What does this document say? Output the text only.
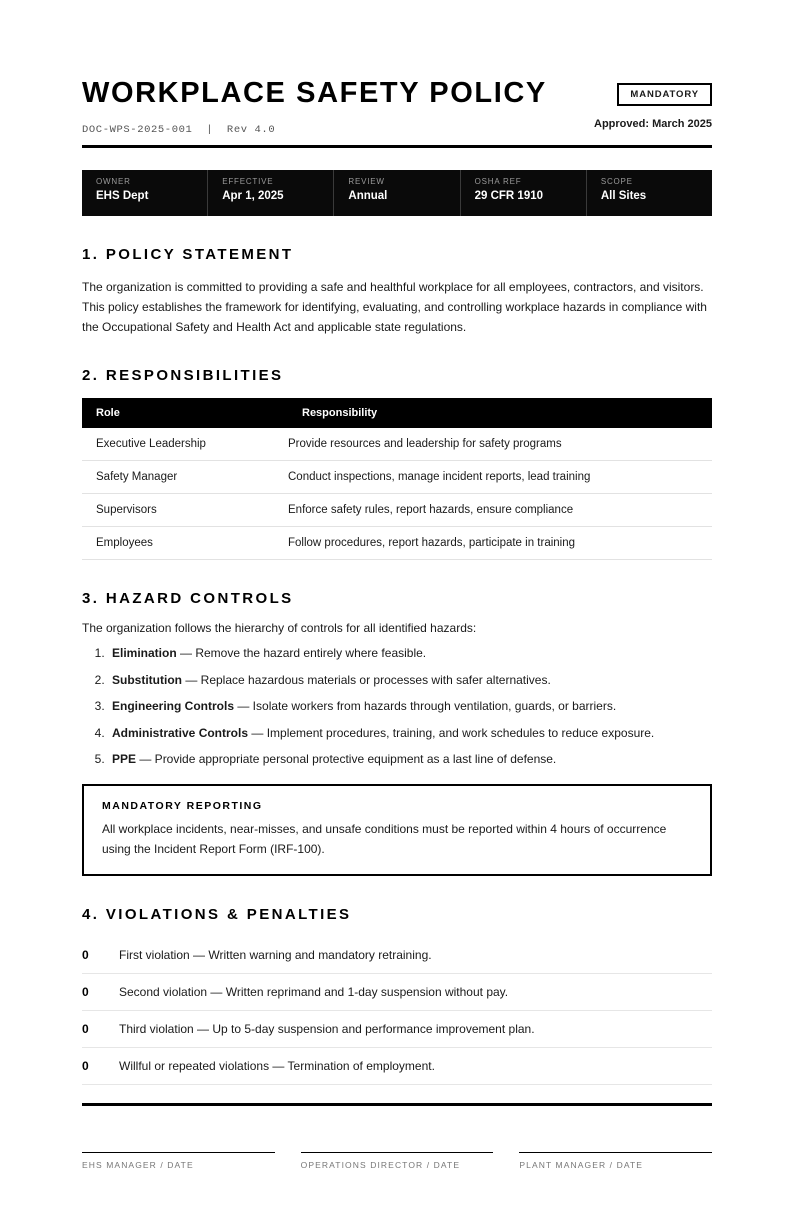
WORKPLACE SAFETY POLICY
DOC-WPS-2025-001  |  Rev 4.0
MANDATORY
Approved: March 2025
OWNER
EHS Dept
EFFECTIVE
Apr 1, 2025
REVIEW
Annual
OSHA REF
29 CFR 1910
SCOPE
All Sites
1. POLICY STATEMENT

The organization is committed to providing a safe and healthful workplace for all employees, contractors, and visitors. This policy establishes the framework for identifying, evaluating, and controlling workplace hazards in compliance with the Occupational Safety and Health Act and applicable state regulations.

2. RESPONSIBILITIES
Role	Responsibility
Executive Leadership	Provide resources and leadership for safety programs
Safety Manager	Conduct inspections, manage incident reports, lead training
Supervisors	Enforce safety rules, report hazards, ensure compliance
Employees	Follow procedures, report hazards, participate in training
3. HAZARD CONTROLS

The organization follows the hierarchy of controls for all identified hazards:

1. Elimination — Remove the hazard entirely where feasible.
2. Substitution — Replace hazardous materials or processes with safer alternatives.
3. Engineering Controls — Isolate workers from hazards through ventilation, guards, or barriers.
4. Administrative Controls — Implement procedures, training, and work schedules to reduce exposure.
5. PPE — Provide appropriate personal protective equipment as a last line of defense.
MANDATORY REPORTING

All workplace incidents, near-misses, and unsafe conditions must be reported within 4 hours of occurrence using the Incident Report Form (IRF-100).

4. VIOLATIONS & PENALTIES
0	First violation — Written warning and mandatory retraining.
0	Second violation — Written reprimand and 1-day suspension without pay.
0	Third violation — Up to 5-day suspension and performance improvement plan.
0	Willful or repeated violations — Termination of employment.
EHS MANAGER / DATE	OPERATIONS DIRECTOR / DATE	PLANT MANAGER / DATE
